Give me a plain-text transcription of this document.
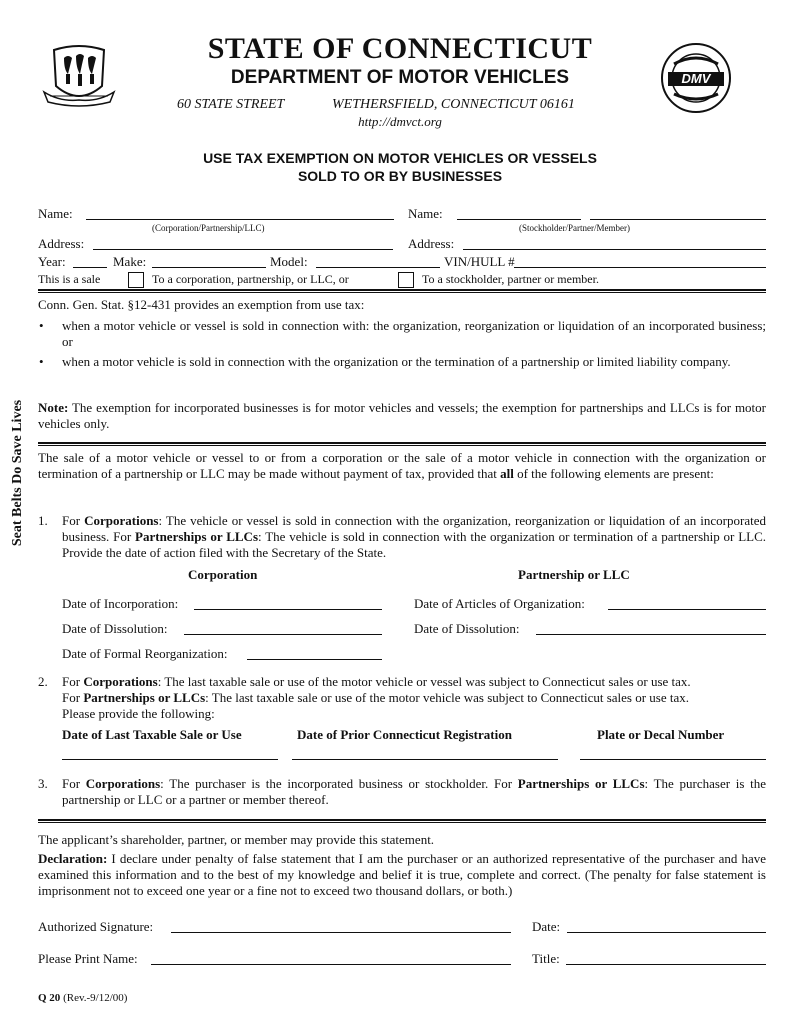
DMV
STATE OF CONNECTICUT
DEPARTMENT OF MOTOR VEHICLES
60 STATE STREET	WETHERSFIELD, CONNECTICUT 06161
http://dmvct.org
USE TAX EXEMPTION ON MOTOR VEHICLES OR VESSELS
SOLD TO OR BY BUSINESSES
Seat Belts Do Save Lives
Name:
(Corporation/Partnership/LLC)
Name:
(Stockholder/Partner/Member)
Address:	Address:
Year:	Make:	Model:	VIN/HULL #
This is a sale	To a corporation, partnership, or LLC, or	To a stockholder, partner or member.
Conn. Gen. Stat. §12-431 provides an exemption from use tax:
• when a motor vehicle or vessel is sold in connection with: the organization, reorganization or liquidation of an incorporated business; or
• when a motor vehicle is sold in connection with the organization or the termination of a partnership or limited liability company.
Note: The exemption for incorporated businesses is for motor vehicles and vessels; the exemption for partnerships and LLCs is for motor vehicles only.
The sale of a motor vehicle or vessel to or from a corporation or the sale of a motor vehicle in connection with the organization or termination of a partnership or LLC may be made without payment of tax, provided that all of the following elements are present:
1. For Corporations: The vehicle or vessel is sold in connection with the organization, reorganization or liquidation of an incorporated business. For Partnerships or LLCs: The vehicle is sold in connection with the organization or termination of a partnership or LLC. Provide the date of action filed with the Secretary of the State.
Corporation	Partnership or LLC
Date of Incorporation:	Date of Articles of Organization:
Date of Dissolution:	Date of Dissolution:
Date of Formal Reorganization:
2. For Corporations: The last taxable sale or use of the motor vehicle or vessel was subject to Connecticut sales or use tax.
For Partnerships or LLCs: The last taxable sale or use of the motor vehicle was subject to Connecticut sales or use tax.
Please provide the following:
Date of Last Taxable Sale or Use	Date of Prior Connecticut Registration	Plate or Decal Number
3. For Corporations: The purchaser is the incorporated business or stockholder. For Partnerships or LLCs: The purchaser is the partnership or LLC or a partner or member thereof.
The applicant’s shareholder, partner, or member may provide this statement.
Declaration: I declare under penalty of false statement that I am the purchaser or an authorized representative of the purchaser and have examined this information and to the best of my knowledge and belief it is true, complete and correct. (The penalty for false statement is imprisonment not to exceed one year or a fine not to exceed two thousand dollars, or both.)
Authorized Signature:	Date:
Please Print Name:	Title:
Q 20 (Rev.-9/12/00)
